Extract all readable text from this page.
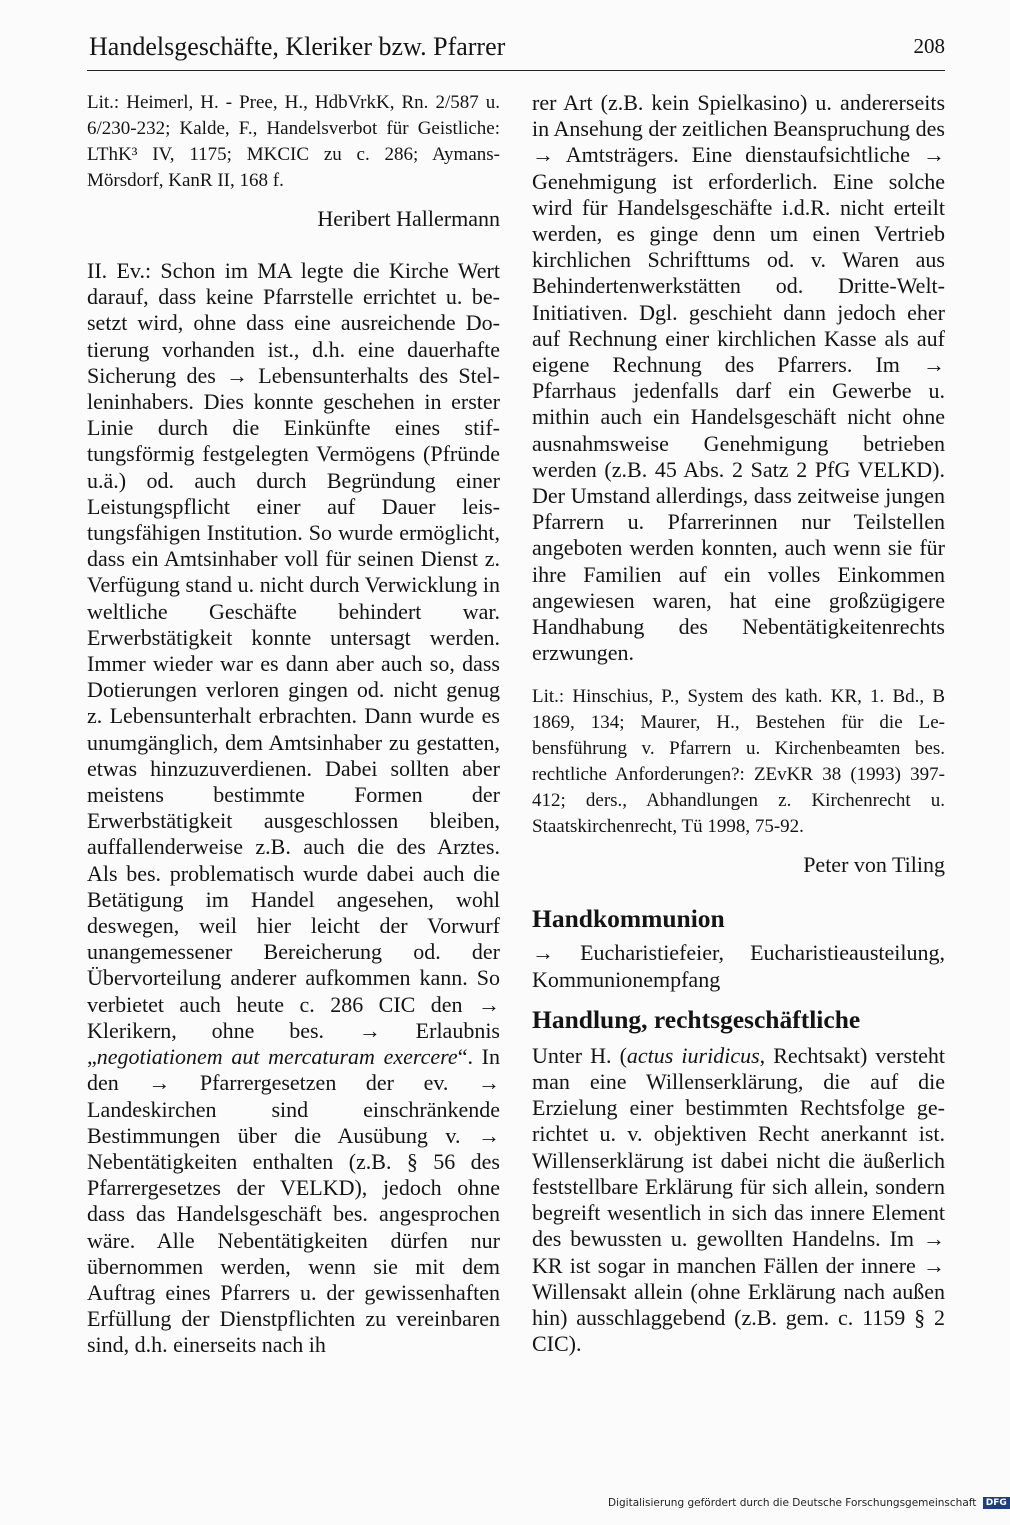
Handelsgeschäfte, Kleriker bzw. Pfarrer	208

Lit.: Heimerl, H. - Pree, H., HdbVrkK, Rn. 2/587 u. 6/230-232; Kalde, F., Handelsverbot für Geistliche: LThK³ IV, 1175; MKCIC zu c. 286; Aymans-Mörsdorf, KanR II, 168 f.

Heribert Hallermann

II. Ev.: Schon im MA legte die Kirche Wert darauf, dass keine Pfarrstelle errichtet u. besetzt wird, ohne dass eine ausreichende Dotierung vorhanden ist., d.h. eine dauerhafte Sicherung des → Lebensunterhalts des Stelleninhabers. Dies konnte geschehen in erster Linie durch die Einkünfte eines stiftungsförmig festgelegten Vermögens (Pfründe u.ä.) od. auch durch Begründung einer Leistungspflicht einer auf Dauer leistungsfähigen Institution. So wurde ermöglicht, dass ein Amtsinhaber voll für seinen Dienst z. Verfügung stand u. nicht durch Verwicklung in weltliche Geschäfte behindert war. Erwerbstätigkeit konnte untersagt werden. Immer wieder war es dann aber auch so, dass Dotierungen verloren gingen od. nicht genug z. Lebensunterhalt erbrachten. Dann wurde es unumgänglich, dem Amtsinhaber zu gestatten, etwas hinzuzuverdienen. Dabei sollten aber meistens bestimmte Formen der Erwerbstätigkeit ausgeschlossen bleiben, auffallenderweise z.B. auch die des Arztes. Als bes. problematisch wurde dabei auch die Betätigung im Handel angesehen, wohl deswegen, weil hier leicht der Vorwurf unangemessener Bereicherung od. der Übervorteilung anderer aufkommen kann. So verbietet auch heute c. 286 CIC den → Klerikern, ohne bes. → Erlaubnis „negotiationem aut mercaturam exercere“. In den → Pfarrergesetzen der ev. → Landeskirchen sind einschränkende Bestimmungen über die Ausübung v. → Nebentätigkeiten enthalten (z.B. § 56 des Pfarrergesetzes der VELKD), jedoch ohne dass das Handelsgeschäft bes. angesprochen wäre. Alle Nebentätigkeiten dürfen nur übernommen werden, wenn sie mit dem Auftrag eines Pfarrers u. der gewissenhaften Erfüllung der Dienstpflichten zu vereinbaren sind, d.h. einerseits nach ih

rer Art (z.B. kein Spielkasino) u. andererseits in Ansehung der zeitlichen Beanspruchung des → Amtsträgers. Eine dienstaufsichtliche → Genehmigung ist erforderlich. Eine solche wird für Handelsgeschäfte i.d.R. nicht erteilt werden, es ginge denn um einen Vertrieb kirchlichen Schrifttums od. v. Waren aus Behindertenwerkstätten od. Dritte-Welt-Initiativen. Dgl. geschieht dann jedoch eher auf Rechnung einer kirchlichen Kasse als auf eigene Rechnung des Pfarrers. Im → Pfarrhaus jedenfalls darf ein Gewerbe u. mithin auch ein Handelsgeschäft nicht ohne ausnahmsweise Genehmigung betrieben werden (z.B. 45 Abs. 2 Satz 2 PfG VELKD). Der Umstand allerdings, dass zeitweise jungen Pfarrern u. Pfarrerinnen nur Teilstellen angeboten werden konnten, auch wenn sie für ihre Familien auf ein volles Einkommen angewiesen waren, hat eine großzügigere Handhabung des Nebentätigkeitenrechts erzwungen.

Lit.: Hinschius, P., System des kath. KR, 1. Bd., B 1869, 134; Maurer, H., Bestehen für die Lebensführung v. Pfarrern u. Kirchenbeamten bes. rechtliche Anforderungen?: ZEvKR 38 (1993) 397-412; ders., Abhandlungen z. Kirchenrecht u. Staatskirchenrecht, Tü 1998, 75-92.

Peter von Tiling

Handkommunion

→ Eucharistiefeier, Eucharistieausteilung, Kommunionempfang

Handlung, rechtsgeschäftliche

Unter H. (actus iuridicus, Rechtsakt) versteht man eine Willenserklärung, die auf die Erzielung einer bestimmten Rechtsfolge gerichtet u. v. objektiven Recht anerkannt ist. Willenserklärung ist dabei nicht die äußerlich feststellbare Erklärung für sich allein, sondern begreift wesentlich in sich das innere Element des bewussten u. gewollten Handelns. Im → KR ist sogar in manchen Fällen der innere → Willensakt allein (ohne Erklärung nach außen hin) ausschlaggebend (z.B. gem. c. 1159 § 2 CIC).

Digitalisierung gefördert durch die Deutsche Forschungsgemeinschaft DFG
